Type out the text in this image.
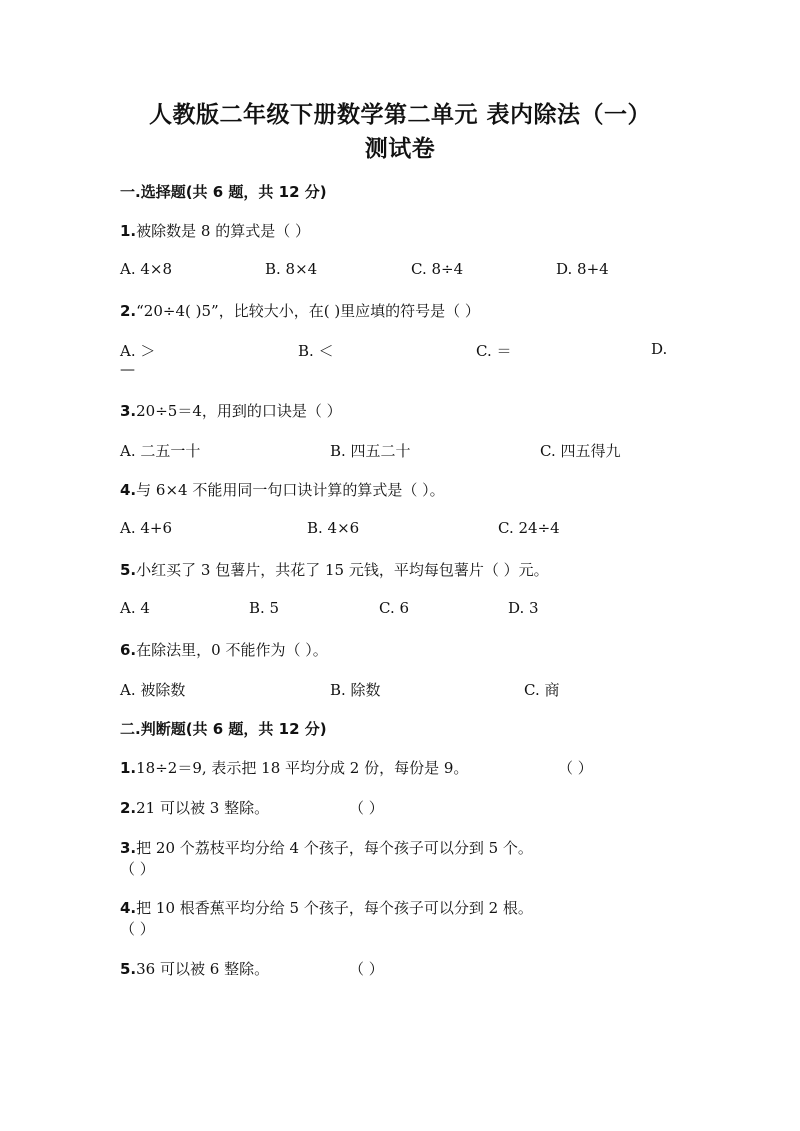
人教版二年级下册数学第二单元 表内除法（一）
测试卷
一.选择题(共 6 题，共 12 分)
1.被除数是 8 的算式是（ ）
A. 4×8	B. 8×4	C. 8÷4	D. 8+4
2.“20÷4( )5”，比较大小，在( )里应填的符号是（ ）
A. ＞	B. ＜	C. ＝	D.
—
3.20÷5＝4，用到的口诀是（ ）
A. 二五一十	B. 四五二十	C. 四五得九
4.与 6×4 不能用同一句口诀计算的算式是（ ）。
A. 4+6	B. 4×6	C. 24÷4
5.小红买了 3 包薯片，共花了 15 元钱，平均每包薯片（ ）元。
A. 4	B. 5	C. 6	D. 3
6.在除法里，0 不能作为（ ）。
A. 被除数	B. 除数	C. 商
二.判断题(共 6 题，共 12 分)
1.18÷2＝9, 表示把 18 平均分成 2 份，每份是 9。	（ ）
2.21 可以被 3 整除。	（ ）
3.把 20 个荔枝平均分给 4 个孩子，每个孩子可以分到 5 个。
（ ）
4.把 10 根香蕉平均分给 5 个孩子，每个孩子可以分到 2 根。
（ ）
5.36 可以被 6 整除。	（ ）
